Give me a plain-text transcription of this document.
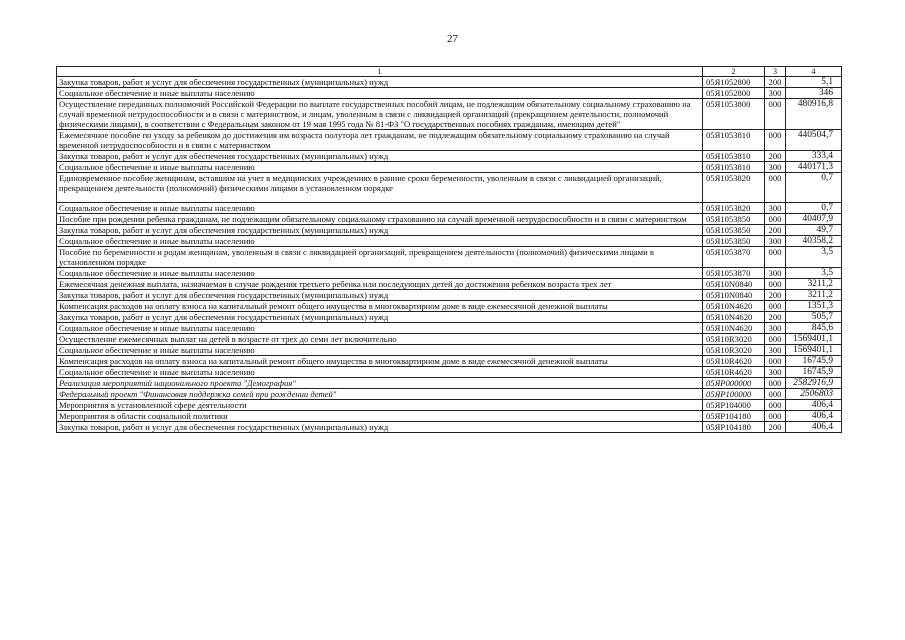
27
1	2	3	4
Закупка товаров, работ и услуг для обеспечения государственных (муниципальных) нужд	05Я1052800	200	5,1
Социальное обеспечение и иные выплаты населению	05Я1052800	300	346
Осуществление переданных полномочий Российской Федерации по выплате государственных пособий лицам, не подлежащим обязательному социальному страхованию на случай временной нетрудоспособности и в связи с материнством, и лицам, уволенным в связи с ликвидацией организаций (прекращением деятельности, полномочий физическими лицами), в соответствии с Федеральным законом от 19 мая 1995 года № 81-ФЗ "О государственных пособиях гражданам, имеющим детей"	05Я1053800	000	480916,8
Ежемесячное пособие по уходу за ребенком до достижения им возраста полутора лет гражданам, не подлежащим обязательному социальному страхованию на случай временной нетрудоспособности и в связи с материнством	05Я1053810	000	440504,7
Закупка товаров, работ и услуг для обеспечения государственных (муниципальных) нужд	05Я1053810	200	333,4
Социальное обеспечение и иные выплаты населению	05Я1053810	300	440171,3
Единовременное пособие женщинам, вставшим на учет в медицинских учреждениях в ранние сроки беременности, уволенным в связи с ликвидацией организаций, прекращением деятельности (полномочий) физическими лицами в установленном порядке	05Я1053820	000	0,7
Социальное обеспечение и иные выплаты населению	05Я1053820	300	0,7
Пособие при рождении ребенка гражданам, не подлежащим обязательному социальному страхованию на случай временной нетрудоспособности и в связи с материнством	05Я1053850	000	40407,9
Закупка товаров, работ и услуг для обеспечения государственных (муниципальных) нужд	05Я1053850	200	49,7
Социальное обеспечение и иные выплаты населению	05Я1053850	300	40358,2
Пособие по беременности и родам женщинам, уволенным в связи с ликвидацией организаций, прекращением деятельности (полномочий) физическими лицами в установленном порядке	05Я1053870	000	3,5
Социальное обеспечение и иные выплаты населению	05Я1053870	300	3,5
Ежемесячная денежная выплата, назначаемая в случае рождения третьего ребенка или последующих детей до достижения ребенком возраста трех лет	05Я10N0840	000	3211,2
Закупка товаров, работ и услуг для обеспечения государственных (муниципальных) нужд	05Я10N0840	200	3211,2
Компенсация расходов на оплату взноса на капитальный ремонт общего имущества в многоквартирном доме в виде ежемесячной денежной выплаты	05Я10N4620	000	1351,3
Закупка товаров, работ и услуг для обеспечения государственных (муниципальных) нужд	05Я10N4620	200	505,7
Социальное обеспечение и иные выплаты населению	05Я10N4620	300	845,6
Осуществление ежемесячных выплат на детей в возрасте от трех до семи лет включительно	05Я10R3020	000	1569401,1
Социальное обеспечение и иные выплаты населению	05Я10R3020	300	1569401,1
Компенсация расходов на оплату взноса на капитальный ремонт общего имущества в многоквартирном доме в виде ежемесячной денежной выплаты	05Я10R4620	000	16745,9
Социальное обеспечение и иные выплаты населению	05Я10R4620	300	16745,9
Реализация мероприятий национального проекта "Демография"	05ЯР000000	000	2582916,9
Федеральный проект "Финансовая поддержка семей при рождении детей"	05ЯР100000	000	2506803
Мероприятия в установленной сфере деятельности	05ЯР104000	000	406,4
Мероприятия в области социальной политики	05ЯР104180	000	406,4
Закупка товаров, работ и услуг для обеспечения государственных (муниципальных) нужд	05ЯР104180	200	406,4
